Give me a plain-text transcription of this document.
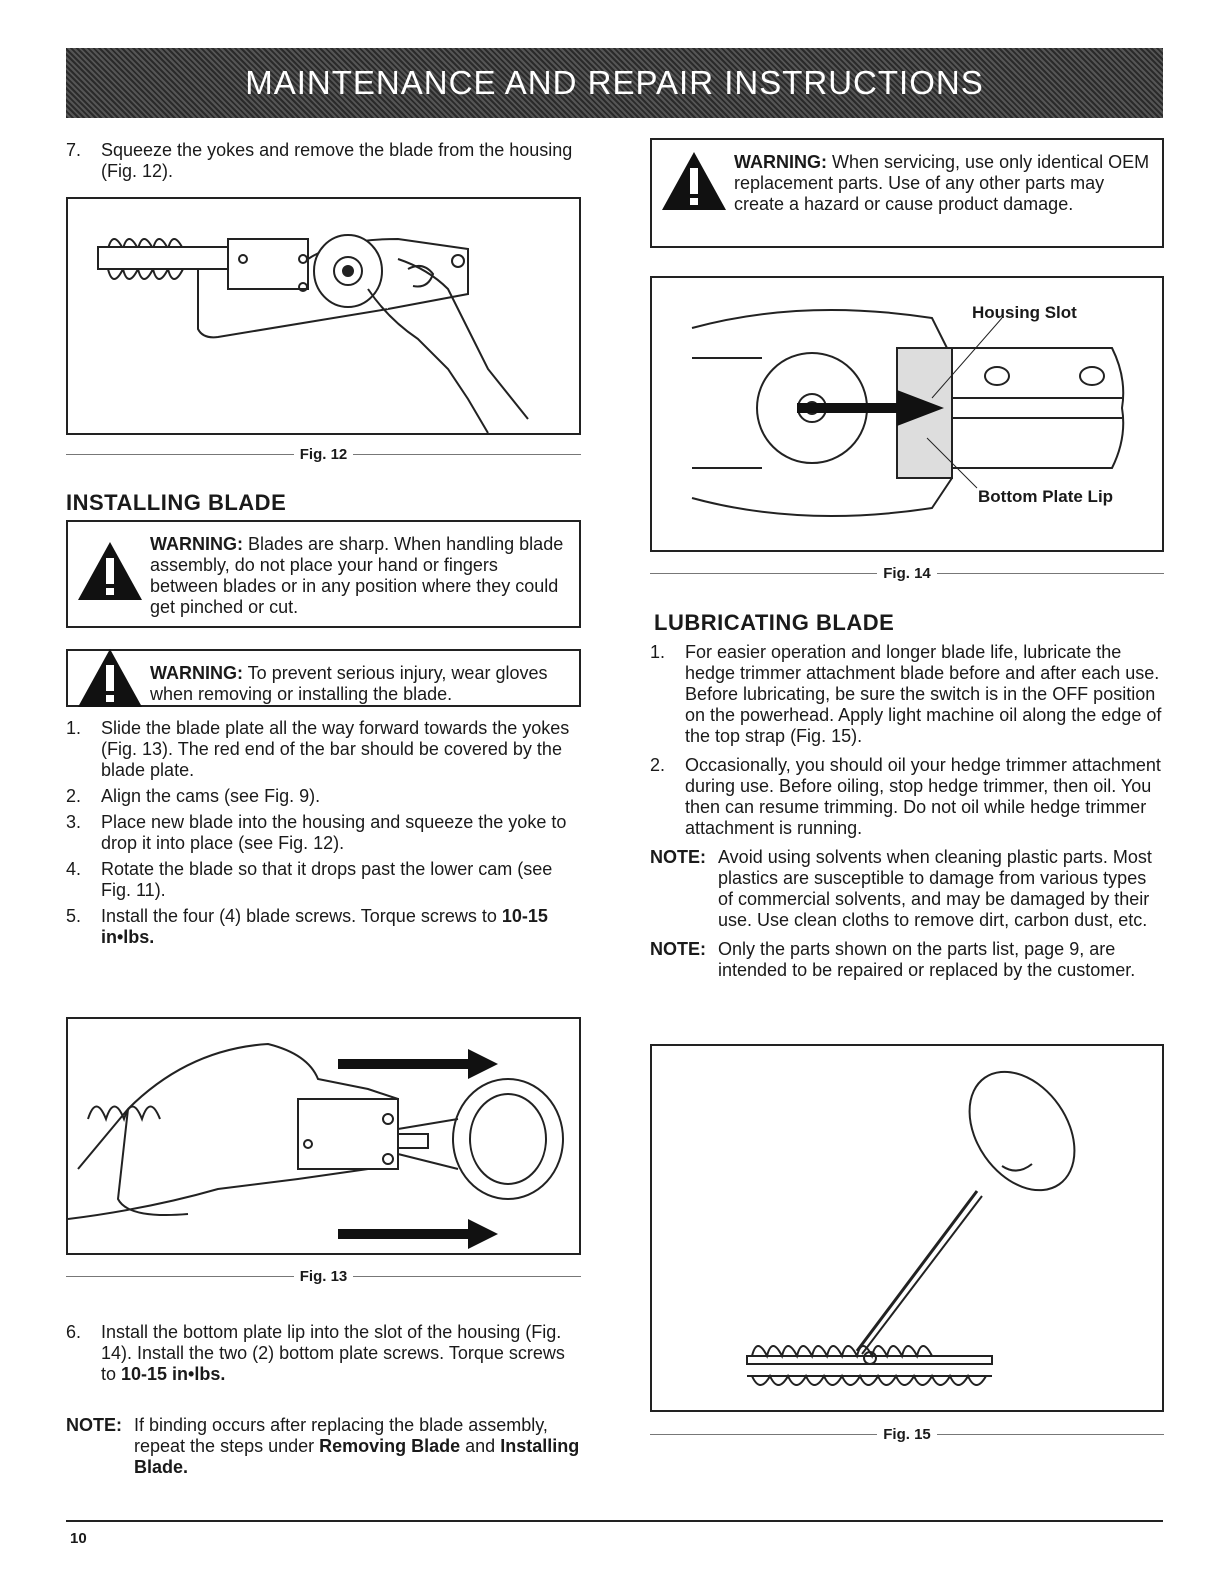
MAINTENANCE AND REPAIR INSTRUCTIONS

7. Squeeze the yokes and remove the blade from the housing (Fig. 12).

Fig. 12
INSTALLING BLADE
WARNING: Blades are sharp. When handling blade assembly, do not place your hand or fingers between blades or in any position where they could get pinched or cut.
WARNING: To prevent serious injury, wear gloves when removing or installing the blade.

1. Slide the blade plate all the way forward towards the yokes (Fig. 13). The red end of the bar should be covered by the blade plate.

2. Align the cams (see Fig. 9).

3. Place new blade into the housing and squeeze the yoke to drop it into place (see Fig. 12).

4. Rotate the blade so that it drops past the lower cam (see Fig. 11).

5. Install the four (4) blade screws. Torque screws to 10-15 in•lbs.

Fig. 13

6. Install the bottom plate lip into the slot of the housing (Fig. 14). Install the two (2) bottom plate screws. Torque screws to 10-15 in•lbs.

NOTE: If binding occurs after replacing the blade assembly, repeat the steps under Removing Blade and Installing Blade.

WARNING: When servicing, use only identical OEM replacement parts. Use of any other parts may create a hazard or cause product damage.
Housing Slot
Bottom Plate Lip
Fig. 14
LUBRICATING BLADE

1. For easier operation and longer blade life, lubricate the hedge trimmer attachment blade before and after each use. Before lubricating, be sure the switch is in the OFF position on the powerhead. Apply light machine oil along the edge of the top strap (Fig. 15).

2. Occasionally, you should oil your hedge trimmer attachment during use. Before oiling, stop hedge trimmer, then oil. You then can resume trimming. Do not oil while hedge trimmer attachment is running.

NOTE: Avoid using solvents when cleaning plastic parts. Most plastics are susceptible to damage from various types of commercial solvents, and may be damaged by their use. Use clean cloths to remove dirt, carbon dust, etc.

NOTE: Only the parts shown on the parts list, page 9, are intended to be repaired or replaced by the customer.

Fig. 15
10
